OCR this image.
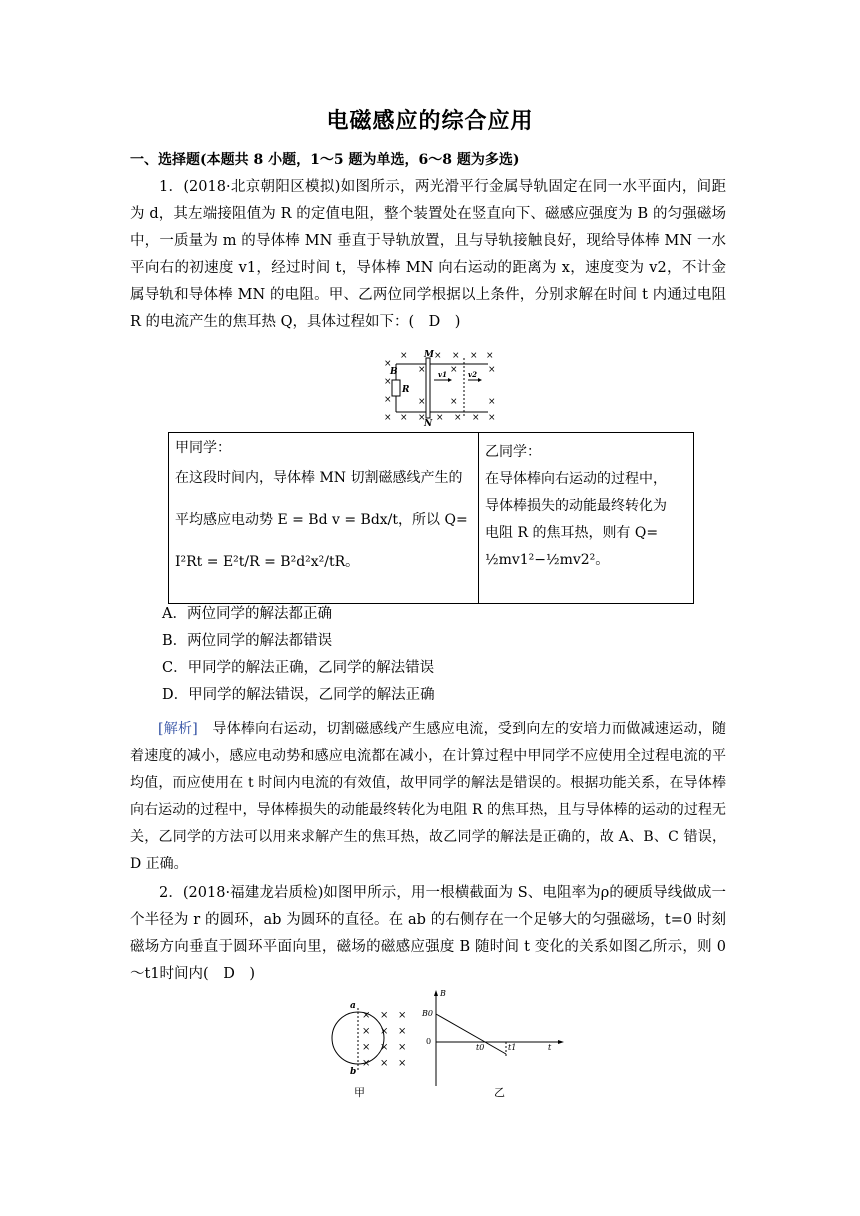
电磁感应的综合应用
一、选择题(本题共 8 小题，1～5 题为单选，6～8 题为多选)
1．(2018·北京朝阳区模拟)如图所示，两光滑平行金属导轨固定在同一水平面内，间距为 d，其左端接阻值为 R 的定值电阻，整个装置处在竖直向下、磁感应强度为 B 的匀强磁场中，一质量为 m 的导体棒 MN 垂直于导轨放置，且与导轨接触良好，现给导体棒 MN 一水平向右的初速度 v1，经过时间 t，导体棒 MN 向右运动的距离为 x，速度变为 v2，不计金属导轨和导体棒 MN 的电阻。甲、乙两位同学根据以上条件，分别求解在时间 t 内通过电阻 R 的电流产生的焦耳热 Q，具体过程如下：(　D　)
×
×	× × × ×
×
×
× × × × × × ×
×	×	×
×	×	×
M
N
B
R
v1	v2
甲同学：
在这段时间内，导体棒 MN 切割磁感线产生的
平均感应电动势 E = Bd v = Bdx/t，所以 Q=
I²Rt = E²t/R = B²d²x²/tR。
乙同学：
在导体棒向右运动的过程中，
导体棒损失的动能最终转化为
电阻 R 的焦耳热，则有 Q=
½mv1²−½mv2²。
A．两位同学的解法都正确
B．两位同学的解法都错误
C．甲同学的解法正确，乙同学的解法错误
D．甲同学的解法错误，乙同学的解法正确
[解析]　导体棒向右运动，切割磁感线产生感应电流，受到向左的安培力而做减速运动，随着速度的减小，感应电动势和感应电流都在减小，在计算过程中甲同学不应使用全过程电流的平均值，而应使用在 t 时间内电流的有效值，故甲同学的解法是错误的。根据功能关系，在导体棒向右运动的过程中，导体棒损失的动能最终转化为电阻 R 的焦耳热，且与导体棒的运动的过程无关，乙同学的方法可以用来求解产生的焦耳热，故乙同学的解法是正确的，故 A、B、C 错误，D 正确。
2．(2018·福建龙岩质检)如图甲所示，用一根横截面为 S、电阻率为ρ的硬质导线做成一个半径为 r 的圆环，ab 为圆环的直径。在 ab 的右侧存在一个足够大的匀强磁场，t=0 时刻磁场方向垂直于圆环平面向里，磁场的磁感应强度 B 随时间 t 变化的关系如图乙所示，则 0～t1时间内(　D　)
× × ×
× × ×
× × ×
× × ×
a
b
甲
B
B0
0
t0	t1	t
乙
